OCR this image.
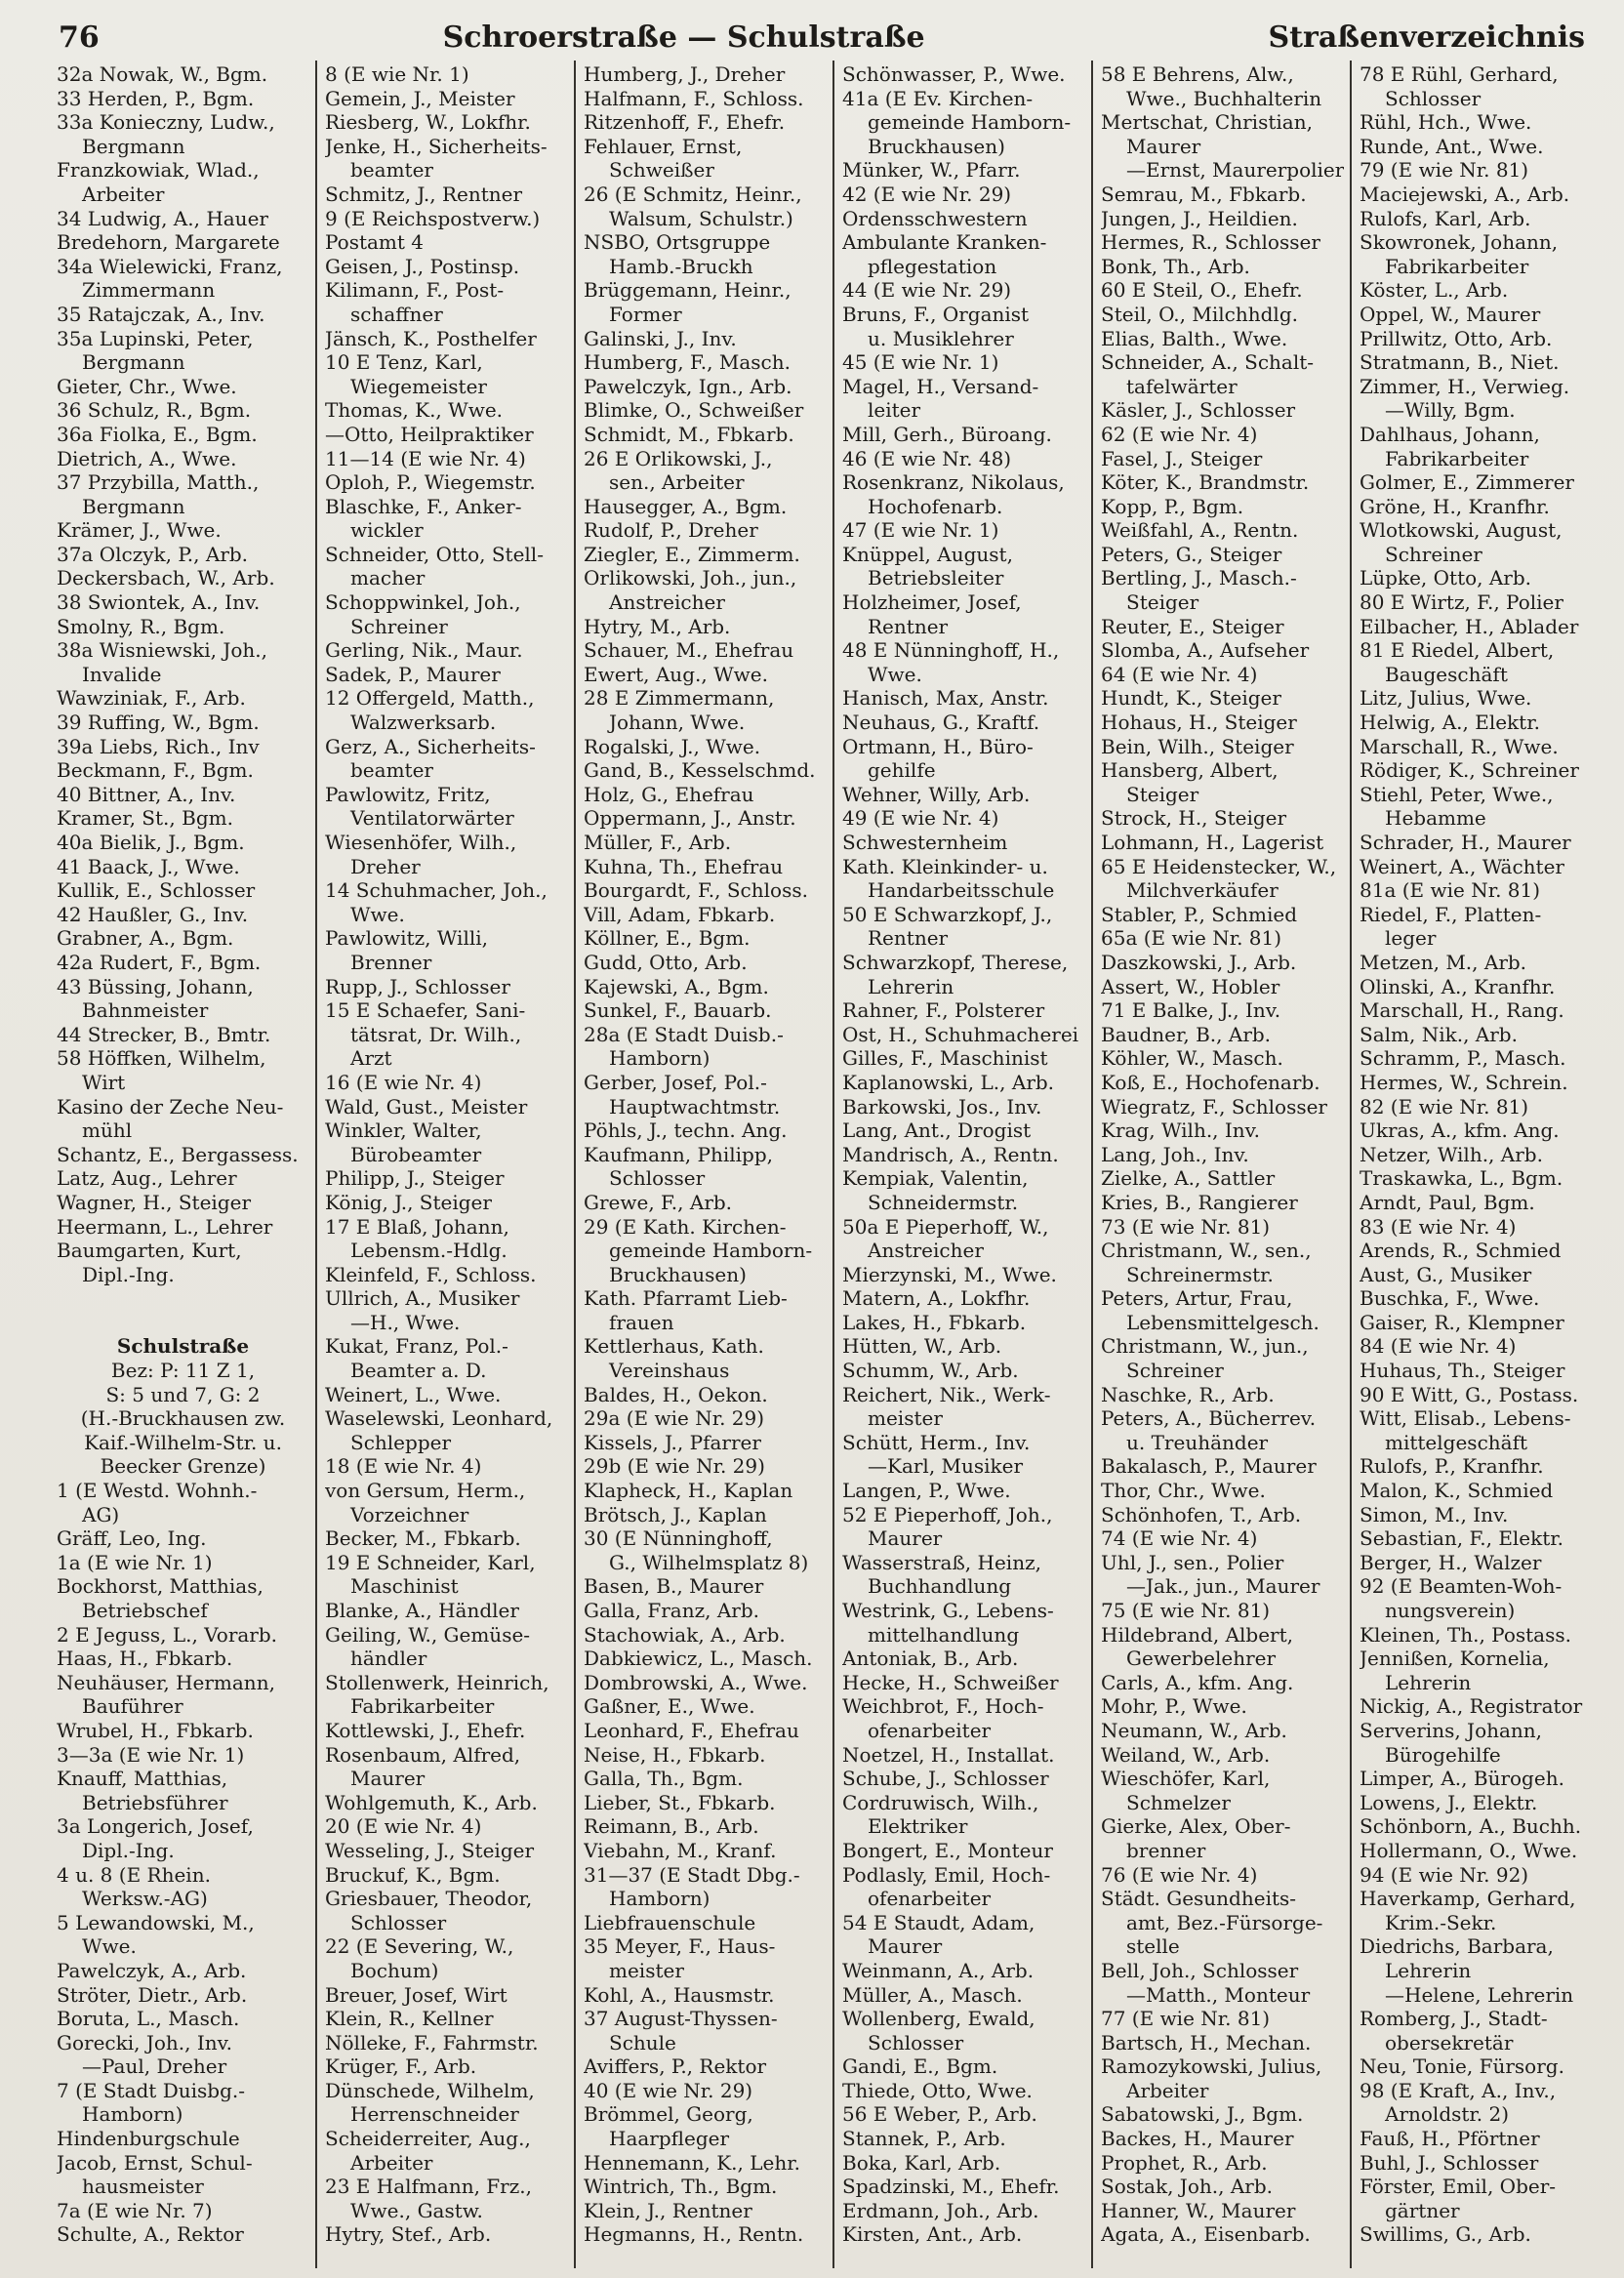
76	Schroerstraße — Schulstraße	Straßenverzeichnis
32a Nowak, W., Bgm.
33 Herden, P., Bgm.
33a Konieczny, Ludw.,
Bergmann
Franzkowiak, Wlad.,
Arbeiter
34 Ludwig, A., Hauer
Bredehorn, Margarete
34a Wielewicki, Franz,
Zimmermann
35 Ratajczak, A., Inv.
35a Lupinski, Peter,
Bergmann
Gieter, Chr., Wwe.
36 Schulz, R., Bgm.
36a Fiolka, E., Bgm.
Dietrich, A., Wwe.
37 Przybilla, Matth.,
Bergmann
Krämer, J., Wwe.
37a Olczyk, P., Arb.
Deckersbach, W., Arb.
38 Swiontek, A., Inv.
Smolny, R., Bgm.
38a Wisniewski, Joh.,
Invalide
Wawziniak, F., Arb.
39 Ruffing, W., Bgm.
39a Liebs, Rich., Inv
Beckmann, F., Bgm.
40 Bittner, A., Inv.
Kramer, St., Bgm.
40a Bielik, J., Bgm.
41 Baack, J., Wwe.
Kullik, E., Schlosser
42 Haußler, G., Inv.
Grabner, A., Bgm.
42a Rudert, F., Bgm.
43 Büssing, Johann,
Bahnmeister
44 Strecker, B., Bmtr.
58 Höffken, Wilhelm,
Wirt
Kasino der Zeche Neu-
mühl
Schantz, E., Bergassess.
Latz, Aug., Lehrer
Wagner, H., Steiger
Heermann, L., Lehrer
Baumgarten, Kurt,
Dipl.-Ing.
Schulstraße
Bez: P: 11 Z 1,
S: 5 und 7, G: 2
(H.-Bruckhausen zw.
Kaif.-Wilhelm-Str. u.
Beecker Grenze)
1 (E Westd. Wohnh.-
AG)
Gräff, Leo, Ing.
1a (E wie Nr. 1)
Bockhorst, Matthias,
Betriebschef
2 E Jeguss, L., Vorarb.
Haas, H., Fbkarb.
Neuhäuser, Hermann,
Bauführer
Wrubel, H., Fbkarb.
3—3a (E wie Nr. 1)
Knauff, Matthias,
Betriebsführer
3a Longerich, Josef,
Dipl.-Ing.
4 u. 8 (E Rhein.
Werksw.-AG)
5 Lewandowski, M.,
Wwe.
Pawelczyk, A., Arb.
Ströter, Dietr., Arb.
Boruta, L., Masch.
Gorecki, Joh., Inv.
—Paul, Dreher
7 (E Stadt Duisbg.-
Hamborn)
Hindenburgschule
Jacob, Ernst, Schul-
hausmeister
7a (E wie Nr. 7)
Schulte, A., Rektor
8 (E wie Nr. 1)
Gemein, J., Meister
Riesberg, W., Lokfhr.
Jenke, H., Sicherheits-
beamter
Schmitz, J., Rentner
9 (E Reichspostverw.)
Postamt 4
Geisen, J., Postinsp.
Kilimann, F., Post-
schaffner
Jänsch, K., Posthelfer
10 E Tenz, Karl,
Wiegemeister
Thomas, K., Wwe.
—Otto, Heilpraktiker
11—14 (E wie Nr. 4)
Oploh, P., Wiegemstr.
Blaschke, F., Anker-
wickler
Schneider, Otto, Stell-
macher
Schoppwinkel, Joh.,
Schreiner
Gerling, Nik., Maur.
Sadek, P., Maurer
12 Offergeld, Matth.,
Walzwerksarb.
Gerz, A., Sicherheits-
beamter
Pawlowitz, Fritz,
Ventilatorwärter
Wiesenhöfer, Wilh.,
Dreher
14 Schuhmacher, Joh.,
Wwe.
Pawlowitz, Willi,
Brenner
Rupp, J., Schlosser
15 E Schaefer, Sani-
tätsrat, Dr. Wilh.,
Arzt
16 (E wie Nr. 4)
Wald, Gust., Meister
Winkler, Walter,
Bürobeamter
Philipp, J., Steiger
König, J., Steiger
17 E Blaß, Johann,
Lebensm.-Hdlg.
Kleinfeld, F., Schloss.
Ullrich, A., Musiker
—H., Wwe.
Kukat, Franz, Pol.-
Beamter a. D.
Weinert, L., Wwe.
Waselewski, Leonhard,
Schlepper
18 (E wie Nr. 4)
von Gersum, Herm.,
Vorzeichner
Becker, M., Fbkarb.
19 E Schneider, Karl,
Maschinist
Blanke, A., Händler
Geiling, W., Gemüse-
händler
Stollenwerk, Heinrich,
Fabrikarbeiter
Kottlewski, J., Ehefr.
Rosenbaum, Alfred,
Maurer
Wohlgemuth, K., Arb.
20 (E wie Nr. 4)
Wesseling, J., Steiger
Bruckuf, K., Bgm.
Griesbauer, Theodor,
Schlosser
22 (E Severing, W.,
Bochum)
Breuer, Josef, Wirt
Klein, R., Kellner
Nölleke, F., Fahrmstr.
Krüger, F., Arb.
Dünschede, Wilhelm,
Herrenschneider
Scheiderreiter, Aug.,
Arbeiter
23 E Halfmann, Frz.,
Wwe., Gastw.
Hytry, Stef., Arb.
Humberg, J., Dreher
Halfmann, F., Schloss.
Ritzenhoff, F., Ehefr.
Fehlauer, Ernst,
Schweißer
26 (E Schmitz, Heinr.,
Walsum, Schulstr.)
NSBO, Ortsgruppe
Hamb.-Bruckh
Brüggemann, Heinr.,
Former
Galinski, J., Inv.
Humberg, F., Masch.
Pawelczyk, Ign., Arb.
Blimke, O., Schweißer
Schmidt, M., Fbkarb.
26 E Orlikowski, J.,
sen., Arbeiter
Hausegger, A., Bgm.
Rudolf, P., Dreher
Ziegler, E., Zimmerm.
Orlikowski, Joh., jun.,
Anstreicher
Hytry, M., Arb.
Schauer, M., Ehefrau
Ewert, Aug., Wwe.
28 E Zimmermann,
Johann, Wwe.
Rogalski, J., Wwe.
Gand, B., Kesselschmd.
Holz, G., Ehefrau
Oppermann, J., Anstr.
Müller, F., Arb.
Kuhna, Th., Ehefrau
Bourgardt, F., Schloss.
Vill, Adam, Fbkarb.
Köllner, E., Bgm.
Gudd, Otto, Arb.
Kajewski, A., Bgm.
Sunkel, F., Bauarb.
28a (E Stadt Duisb.-
Hamborn)
Gerber, Josef, Pol.-
Hauptwachtmstr.
Pöhls, J., techn. Ang.
Kaufmann, Philipp,
Schlosser
Grewe, F., Arb.
29 (E Kath. Kirchen-
gemeinde Hamborn-
Bruckhausen)
Kath. Pfarramt Lieb-
frauen
Kettlerhaus, Kath.
Vereinshaus
Baldes, H., Oekon.
29a (E wie Nr. 29)
Kissels, J., Pfarrer
29b (E wie Nr. 29)
Klapheck, H., Kaplan
Brötsch, J., Kaplan
30 (E Nünninghoff,
G., Wilhelmsplatz 8)
Basen, B., Maurer
Galla, Franz, Arb.
Stachowiak, A., Arb.
Dabkiewicz, L., Masch.
Dombrowski, A., Wwe.
Gaßner, E., Wwe.
Leonhard, F., Ehefrau
Neise, H., Fbkarb.
Galla, Th., Bgm.
Lieber, St., Fbkarb.
Reimann, B., Arb.
Viebahn, M., Kranf.
31—37 (E Stadt Dbg.-
Hamborn)
Liebfrauenschule
35 Meyer, F., Haus-
meister
Kohl, A., Hausmstr.
37 August-Thyssen-
Schule
Aviffers, P., Rektor
40 (E wie Nr. 29)
Brömmel, Georg,
Haarpfleger
Hennemann, K., Lehr.
Wintrich, Th., Bgm.
Klein, J., Rentner
Hegmanns, H., Rentn.
Schönwasser, P., Wwe.
41a (E Ev. Kirchen-
gemeinde Hamborn-
Bruckhausen)
Münker, W., Pfarr.
42 (E wie Nr. 29)
Ordensschwestern
Ambulante Kranken-
pflegestation
44 (E wie Nr. 29)
Bruns, F., Organist
u. Musiklehrer
45 (E wie Nr. 1)
Magel, H., Versand-
leiter
Mill, Gerh., Büroang.
46 (E wie Nr. 48)
Rosenkranz, Nikolaus,
Hochofenarb.
47 (E wie Nr. 1)
Knüppel, August,
Betriebsleiter
Holzheimer, Josef,
Rentner
48 E Nünninghoff, H.,
Wwe.
Hanisch, Max, Anstr.
Neuhaus, G., Kraftf.
Ortmann, H., Büro-
gehilfe
Wehner, Willy, Arb.
49 (E wie Nr. 4)
Schwesternheim
Kath. Kleinkinder- u.
Handarbeitsschule
50 E Schwarzkopf, J.,
Rentner
Schwarzkopf, Therese,
Lehrerin
Rahner, F., Polsterer
Ost, H., Schuhmacherei
Gilles, F., Maschinist
Kaplanowski, L., Arb.
Barkowski, Jos., Inv.
Lang, Ant., Drogist
Mandrisch, A., Rentn.
Kempiak, Valentin,
Schneidermstr.
50a E Pieperhoff, W.,
Anstreicher
Mierzynski, M., Wwe.
Matern, A., Lokfhr.
Lakes, H., Fbkarb.
Hütten, W., Arb.
Schumm, W., Arb.
Reichert, Nik., Werk-
meister
Schütt, Herm., Inv.
—Karl, Musiker
Langen, P., Wwe.
52 E Pieperhoff, Joh.,
Maurer
Wasserstraß, Heinz,
Buchhandlung
Westrink, G., Lebens-
mittelhandlung
Antoniak, B., Arb.
Hecke, H., Schweißer
Weichbrot, F., Hoch-
ofenarbeiter
Noetzel, H., Installat.
Schube, J., Schlosser
Cordruwisch, Wilh.,
Elektriker
Bongert, E., Monteur
Podlasly, Emil, Hoch-
ofenarbeiter
54 E Staudt, Adam,
Maurer
Weinmann, A., Arb.
Müller, A., Masch.
Wollenberg, Ewald,
Schlosser
Gandi, E., Bgm.
Thiede, Otto, Wwe.
56 E Weber, P., Arb.
Stannek, P., Arb.
Boka, Karl, Arb.
Spadzinski, M., Ehefr.
Erdmann, Joh., Arb.
Kirsten, Ant., Arb.
58 E Behrens, Alw.,
Wwe., Buchhalterin
Mertschat, Christian,
Maurer
—Ernst, Maurerpolier
Semrau, M., Fbkarb.
Jungen, J., Heildien.
Hermes, R., Schlosser
Bonk, Th., Arb.
60 E Steil, O., Ehefr.
Steil, O., Milchhdlg.
Elias, Balth., Wwe.
Schneider, A., Schalt-
tafelwärter
Käsler, J., Schlosser
62 (E wie Nr. 4)
Fasel, J., Steiger
Köter, K., Brandmstr.
Kopp, P., Bgm.
Weißfahl, A., Rentn.
Peters, G., Steiger
Bertling, J., Masch.-
Steiger
Reuter, E., Steiger
Slomba, A., Aufseher
64 (E wie Nr. 4)
Hundt, K., Steiger
Hohaus, H., Steiger
Bein, Wilh., Steiger
Hansberg, Albert,
Steiger
Strock, H., Steiger
Lohmann, H., Lagerist
65 E Heidenstecker, W.,
Milchverkäufer
Stabler, P., Schmied
65a (E wie Nr. 81)
Daszkowski, J., Arb.
Assert, W., Hobler
71 E Balke, J., Inv.
Baudner, B., Arb.
Köhler, W., Masch.
Koß, E., Hochofenarb.
Wiegratz, F., Schlosser
Krag, Wilh., Inv.
Lang, Joh., Inv.
Zielke, A., Sattler
Kries, B., Rangierer
73 (E wie Nr. 81)
Christmann, W., sen.,
Schreinermstr.
Peters, Artur, Frau,
Lebensmittelgesch.
Christmann, W., jun.,
Schreiner
Naschke, R., Arb.
Peters, A., Bücherrev.
u. Treuhänder
Bakalasch, P., Maurer
Thor, Chr., Wwe.
Schönhofen, T., Arb.
74 (E wie Nr. 4)
Uhl, J., sen., Polier
—Jak., jun., Maurer
75 (E wie Nr. 81)
Hildebrand, Albert,
Gewerbelehrer
Carls, A., kfm. Ang.
Mohr, P., Wwe.
Neumann, W., Arb.
Weiland, W., Arb.
Wieschöfer, Karl,
Schmelzer
Gierke, Alex, Ober-
brenner
76 (E wie Nr. 4)
Städt. Gesundheits-
amt, Bez.-Fürsorge-
stelle
Bell, Joh., Schlosser
—Matth., Monteur
77 (E wie Nr. 81)
Bartsch, H., Mechan.
Ramozykowski, Julius,
Arbeiter
Sabatowski, J., Bgm.
Backes, H., Maurer
Prophet, R., Arb.
Sostak, Joh., Arb.
Hanner, W., Maurer
Agata, A., Eisenbarb.
78 E Rühl, Gerhard,
Schlosser
Rühl, Hch., Wwe.
Runde, Ant., Wwe.
79 (E wie Nr. 81)
Maciejewski, A., Arb.
Rulofs, Karl, Arb.
Skowronek, Johann,
Fabrikarbeiter
Köster, L., Arb.
Oppel, W., Maurer
Prillwitz, Otto, Arb.
Stratmann, B., Niet.
Zimmer, H., Verwieg.
—Willy, Bgm.
Dahlhaus, Johann,
Fabrikarbeiter
Golmer, E., Zimmerer
Gröne, H., Kranfhr.
Wlotkowski, August,
Schreiner
Lüpke, Otto, Arb.
80 E Wirtz, F., Polier
Eilbacher, H., Ablader
81 E Riedel, Albert,
Baugeschäft
Litz, Julius, Wwe.
Helwig, A., Elektr.
Marschall, R., Wwe.
Rödiger, K., Schreiner
Stiehl, Peter, Wwe.,
Hebamme
Schrader, H., Maurer
Weinert, A., Wächter
81a (E wie Nr. 81)
Riedel, F., Platten-
leger
Metzen, M., Arb.
Olinski, A., Kranfhr.
Marschall, H., Rang.
Salm, Nik., Arb.
Schramm, P., Masch.
Hermes, W., Schrein.
82 (E wie Nr. 81)
Ukras, A., kfm. Ang.
Netzer, Wilh., Arb.
Traskawka, L., Bgm.
Arndt, Paul, Bgm.
83 (E wie Nr. 4)
Arends, R., Schmied
Aust, G., Musiker
Buschka, F., Wwe.
Gaiser, R., Klempner
84 (E wie Nr. 4)
Huhaus, Th., Steiger
90 E Witt, G., Postass.
Witt, Elisab., Lebens-
mittelgeschäft
Rulofs, P., Kranfhr.
Malon, K., Schmied
Simon, M., Inv.
Sebastian, F., Elektr.
Berger, H., Walzer
92 (E Beamten-Woh-
nungsverein)
Kleinen, Th., Postass.
Jennißen, Kornelia,
Lehrerin
Nickig, A., Registrator
Serverins, Johann,
Bürogehilfe
Limper, A., Bürogeh.
Lowens, J., Elektr.
Schönborn, A., Buchh.
Hollermann, O., Wwe.
94 (E wie Nr. 92)
Haverkamp, Gerhard,
Krim.-Sekr.
Diedrichs, Barbara,
Lehrerin
—Helene, Lehrerin
Romberg, J., Stadt-
obersekretär
Neu, Tonie, Fürsorg.
98 (E Kraft, A., Inv.,
Arnoldstr. 2)
Fauß, H., Pförtner
Buhl, J., Schlosser
Förster, Emil, Ober-
gärtner
Swillims, G., Arb.
